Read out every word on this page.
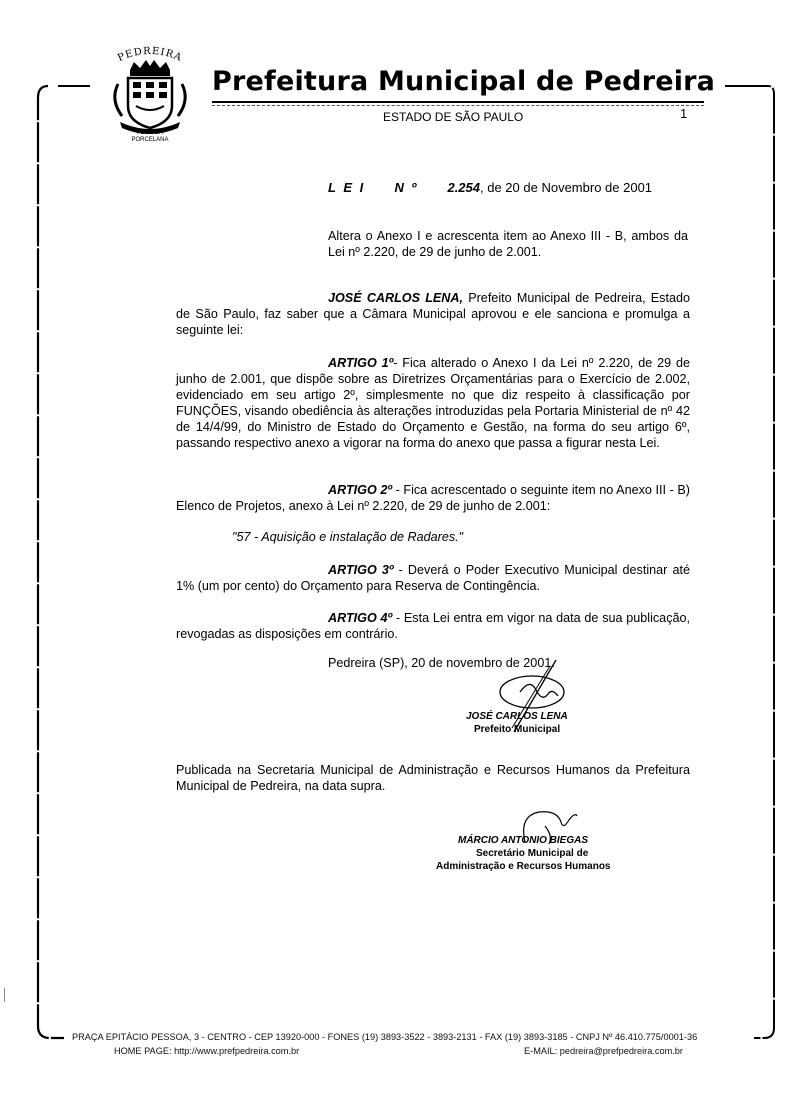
PEDREIRA
FLOR DA
PORCELANA
Prefeitura Municipal de Pedreira
ESTADO DE SÃO PAULO	1
L E I N º 2.254, de 20 de Novembro de 2001
Altera o Anexo I e acrescenta item ao Anexo III - B, ambos da Lei nº 2.220, de 29 de junho de 2.001.
JOSÉ CARLOS LENA, Prefeito Municipal de Pedreira, Estado de São Paulo, faz saber que a Câmara Municipal aprovou e ele sanciona e promulga a seguinte lei:
ARTIGO 1º- Fica alterado o Anexo I da Lei nº 2.220, de 29 de junho de 2.001, que dispõe sobre as Diretrizes Orçamentárias para o Exercício de 2.002, evidenciado em seu artigo 2º, simplesmente no que diz respeito à classificação por FUNÇÕES, visando obediência às alterações introduzidas pela Portaria Ministerial de nº 42 de 14/4/99, do Ministro de Estado do Orçamento e Gestão, na forma do seu artigo 6º, passando respectivo anexo a vigorar na forma do anexo que passa a figurar nesta Lei.
ARTIGO 2º - Fica acrescentado o seguinte item no Anexo III - B) Elenco de Projetos, anexo à Lei nº 2.220, de 29 de junho de 2.001:
"57 - Aquisição e instalação de Radares."
ARTIGO 3º - Deverá o Poder Executivo Municipal destinar até 1% (um por cento) do Orçamento para Reserva de Contingência.
ARTIGO 4º - Esta Lei entra em vigor na data de sua publicação, revogadas as disposições em contrário.
Pedreira (SP), 20 de novembro de 2001.
JOSÉ CARLOS LENA
Prefeito Municipal
Publicada na Secretaria Municipal de Administração e Recursos Humanos da Prefeitura Municipal de Pedreira, na data supra.
MÁRCIO ANTONIO BIEGAS
Secretário Municipal de
Administração e Recursos Humanos
PRAÇA EPITÁCIO PESSOA, 3 - CENTRO - CEP 13920-000 - FONES (19) 3893-3522 - 3893-2131 - FAX (19) 3893-3185 - CNPJ Nº 46.410.775/0001-36
HOME PAGE: http://www.prefpedreira.com.br	E-MAIL: pedreira@prefpedreira.com.br
